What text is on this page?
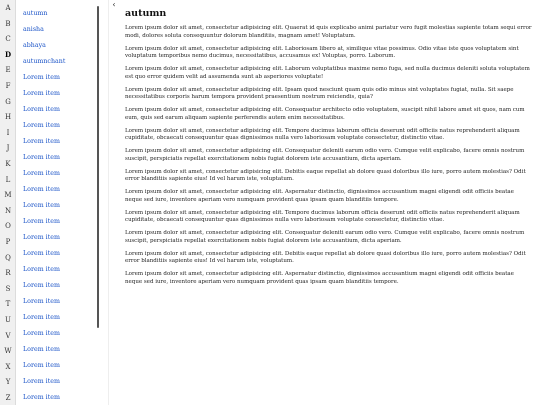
A
B
C
D
E
F
G
H
I
J
K
L
M
N
O
P
Q
R
S
T
U
V
W
X
Y
Z
autumn
anisha
abhaya
autumnchant
Lorem item
Lorem item
Lorem item
Lorem item
Lorem item
Lorem item
Lorem item
Lorem item
Lorem item
Lorem item
Lorem item
Lorem item
Lorem item
Lorem item
Lorem item
Lorem item
Lorem item
Lorem item
Lorem item
Lorem item
Lorem item
‹
autumn

Lorem ipsum dolor sit amet, consectetur adipisicing elit. Quaerat id quis explicabo animi pariatur vero fugit molestias sapiente totam sequi error modi, dolores soluta consequuntur dolorum blanditiis, magnam amet! Voluptatum.

Lorem ipsum dolor sit amet, consectetur adipisicing elit. Laboriosam libero at, similique vitae possimus. Odio vitae iste quos voluptatem sint voluptatum temporibus nemo ducimus, necessitatibus, accusamus ex! Voluptas, porro. Laborum.

Lorem ipsum dolor sit amet, consectetur adipisicing elit. Laborum voluptatibus maxime nemo fuga, sed nulla ducimus deleniti soluta voluptatem est quo error quidem velit ad assumenda sunt ab asperiores voluptate!

Lorem ipsum dolor sit amet, consectetur adipisicing elit. Ipsam quod nesciunt quam quis odio minus sint voluptates fugiat, nulla. Sit saepe necessitatibus corporis harum tempora provident praesentium nostrum reiciendis, quia?

Lorem ipsum dolor sit amet, consectetur adipisicing elit. Consequatur architecto odio voluptatem, suscipit nihil labore amet sit quos, nam cum eum, quis sed earum aliquam sapiente perferendis autem enim necessitatibus.

Lorem ipsum dolor sit amet, consectetur adipisicing elit. Tempore ducimus laborum officia deserunt odit officiis natus reprehenderit aliquam cupiditate, obcaecati consequuntur quas dignissimos nulla vero laboriosam voluptate consectetur, distinctio vitae.

Lorem ipsum dolor sit amet, consectetur adipisicing elit. Consequatur deleniti earum odio vero. Cumque velit explicabo, facere omnis nostrum suscipit, perspiciatis repellat exercitationem nobis fugiat dolorem iste accusantium, dicta aperiam.

Lorem ipsum dolor sit amet, consectetur adipisicing elit. Debitis eaque repellat ab dolore quasi doloribus illo iure, porro autem molestias? Odit error blanditiis sapiente eius! Id vel harum iste, voluptatum.

Lorem ipsum dolor sit amet, consectetur adipisicing elit. Aspernatur distinctio, dignissimos accusantium magni eligendi odit officiis beatae neque sed iure, inventore aperiam vero numquam provident quas ipsam quam blanditiis tempore.

Lorem ipsum dolor sit amet, consectetur adipisicing elit. Tempore ducimus laborum officia deserunt odit officiis natus reprehenderit aliquam cupiditate, obcaecati consequuntur quas dignissimos nulla vero laboriosam voluptate consectetur, distinctio vitae.

Lorem ipsum dolor sit amet, consectetur adipisicing elit. Consequatur deleniti earum odio vero. Cumque velit explicabo, facere omnis nostrum suscipit, perspiciatis repellat exercitationem nobis fugiat dolorem iste accusantium, dicta aperiam.

Lorem ipsum dolor sit amet, consectetur adipisicing elit. Debitis eaque repellat ab dolore quasi doloribus illo iure, porro autem molestias? Odit error blanditiis sapiente eius! Id vel harum iste, voluptatum.

Lorem ipsum dolor sit amet, consectetur adipisicing elit. Aspernatur distinctio, dignissimos accusantium magni eligendi odit officiis beatae neque sed iure, inventore aperiam vero numquam provident quas ipsam quam blanditiis tempore.
